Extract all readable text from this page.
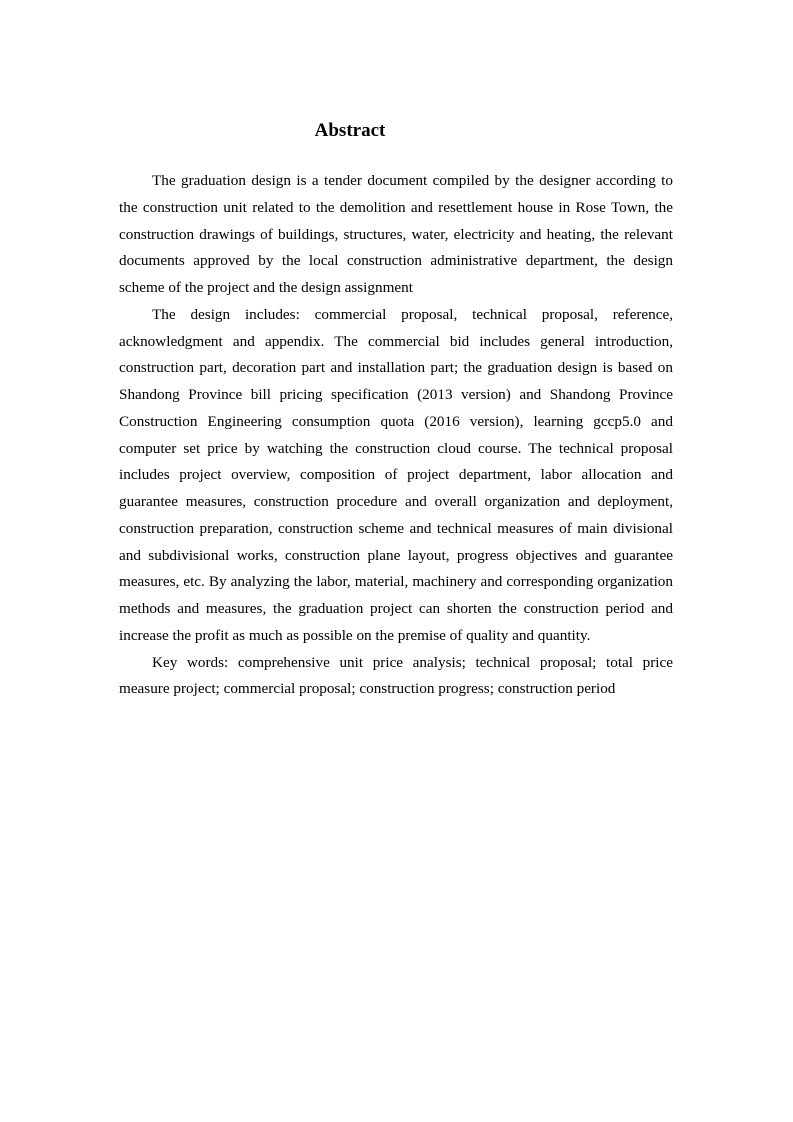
Abstract

The graduation design is a tender document compiled by the designer according to the construction unit related to the demolition and resettlement house in Rose Town, the construction drawings of buildings, structures, water, electricity and heating, the relevant documents approved by the local construction administrative department, the design scheme of the project and the design assignment

The design includes: commercial proposal, technical proposal, reference, acknowledgment and appendix. The commercial bid includes general introduction, construction part, decoration part and installation part; the graduation design is based on Shandong Province bill pricing specification (2013 version) and Shandong Province Construction Engineering consumption quota (2016 version), learning gccp5.0 and computer set price by watching the construction cloud course. The technical proposal includes project overview, composition of project department, labor allocation and guarantee measures, construction procedure and overall organization and deployment, construction preparation, construction scheme and technical measures of main divisional and subdivisional works, construction plane layout, progress objectives and guarantee measures, etc. By analyzing the labor, material, machinery and corresponding organization methods and measures, the graduation project can shorten the construction period and increase the profit as much as possible on the premise of quality and quantity.

Key words: comprehensive unit price analysis; technical proposal; total price measure project; commercial proposal; construction progress; construction period
